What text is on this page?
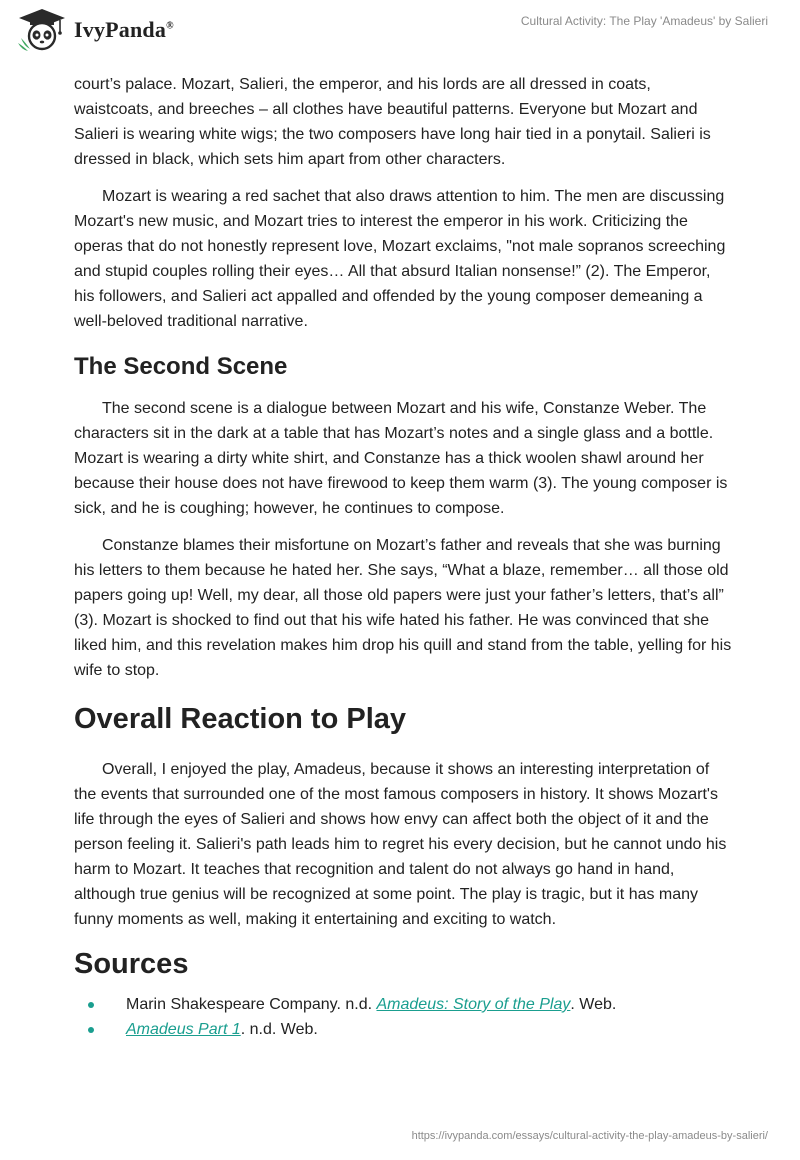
IvyPanda®	Cultural Activity: The Play 'Amadeus' by Salieri

court’s palace. Mozart, Salieri, the emperor, and his lords are all dressed in coats, waistcoats, and breeches – all clothes have beautiful patterns. Everyone but Mozart and Salieri is wearing white wigs; the two composers have long hair tied in a ponytail. Salieri is dressed in black, which sets him apart from other characters.

Mozart is wearing a red sachet that also draws attention to him. The men are discussing Mozart's new music, and Mozart tries to interest the emperor in his work. Criticizing the operas that do not honestly represent love, Mozart exclaims, "not male sopranos screeching and stupid couples rolling their eyes… All that absurd Italian nonsense!” (2). The Emperor, his followers, and Salieri act appalled and offended by the young composer demeaning a well-beloved traditional narrative.

The Second Scene

The second scene is a dialogue between Mozart and his wife, Constanze Weber. The characters sit in the dark at a table that has Mozart’s notes and a single glass and a bottle. Mozart is wearing a dirty white shirt, and Constanze has a thick woolen shawl around her because their house does not have firewood to keep them warm (3). The young composer is sick, and he is coughing; however, he continues to compose.

Constanze blames their misfortune on Mozart’s father and reveals that she was burning his letters to them because he hated her. She says, “What a blaze, remember… all those old papers going up! Well, my dear, all those old papers were just your father’s letters, that’s all” (3). Mozart is shocked to find out that his wife hated his father. He was convinced that she liked him, and this revelation makes him drop his quill and stand from the table, yelling for his wife to stop.

Overall Reaction to Play

Overall, I enjoyed the play, Amadeus, because it shows an interesting interpretation of the events that surrounded one of the most famous composers in history. It shows Mozart's life through the eyes of Salieri and shows how envy can affect both the object of it and the person feeling it. Salieri's path leads him to regret his every decision, but he cannot undo his harm to Mozart. It teaches that recognition and talent do not always go hand in hand, although true genius will be recognized at some point. The play is tragic, but it has many funny moments as well, making it entertaining and exciting to watch.

Sources
Marin Shakespeare Company. n.d. Amadeus: Story of the Play. Web.
Amadeus Part 1. n.d. Web.
https://ivypanda.com/essays/cultural-activity-the-play-amadeus-by-salieri/
